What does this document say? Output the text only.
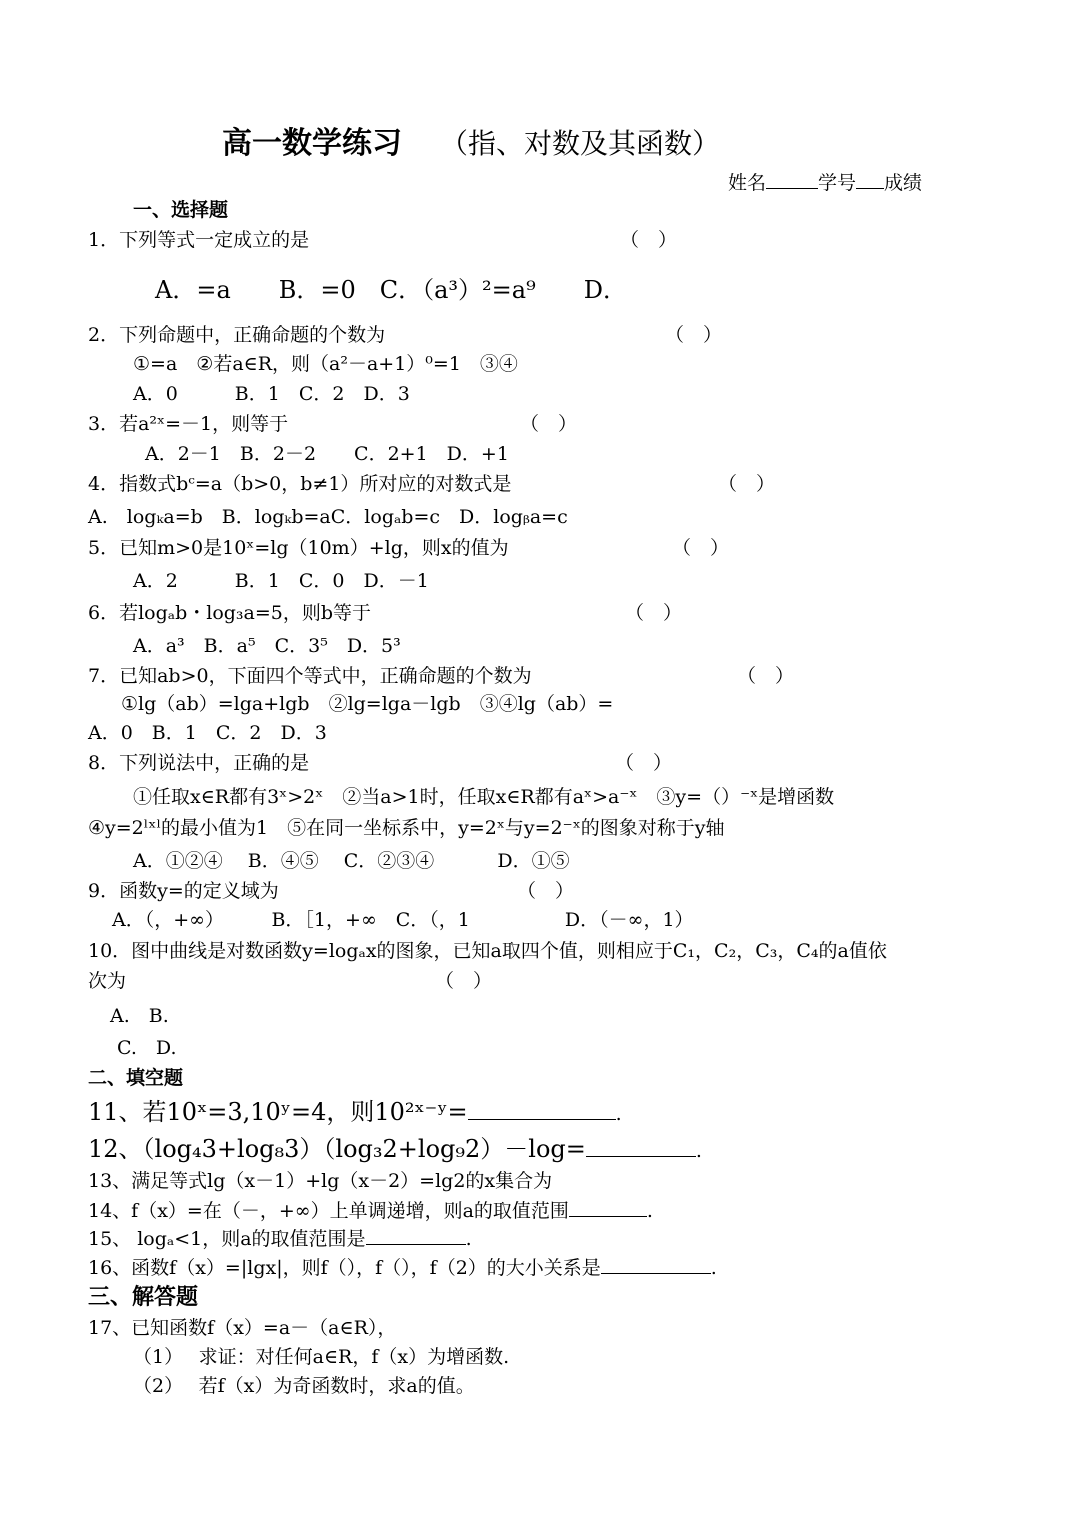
高一数学练习 （指、对数及其函数）
姓名	学号 成绩
一、选择题
1．下列等式一定成立的是	（　）
A．=a　　B．=0　C．（a³）²=a⁹　　D．
2．下列命题中，正确命题的个数为	（　）
①=a　②若a∈R，则（a²－a+1）⁰=1　③④
A．0　　　B．1　C．2　D．3
3．若a²ˣ=－1，则等于	（　）
A．2－1　B．2－2　　C．2+1　D．+1
4．指数式bᶜ=a（b>0，b≠1）所对应的对数式是	（　）
A.　logₖa=b　B．logₖb=aC．logₐb=c　D．logᵦa=c
5．已知m>0是10ˣ=lg（10m）+lg，则x的值为	（　）
A．2　　　B．1　C．0　D．－1
6．若logₐb・log₃a=5，则b等于	（　）
A．a³　B．a⁵　C．3⁵　D．5³
7．已知ab>0，下面四个等式中，正确命题的个数为	（　）
①lg（ab）=lga+lgb　②lg=lga－lgb　③④lg（ab）=
A．0　B．1　C．2　D．3
8．下列说法中，正确的是	（　）
①任取x∈R都有3ˣ>2ˣ　②当a>1时，任取x∈R都有aˣ>a⁻ˣ　③y=（）⁻ˣ是增函数
④y=2ˡˣˡ的最小值为1　⑤在同一坐标系中，y=2ˣ与y=2⁻ˣ的图象对称于y轴
A．①②④　 B．④⑤　 C．②③④　　　 D．①⑤
9．函数y=的定义域为	（　）
A．（，+∞）　　　B．［1，+∞　C．（，1　　　　　D．（－∞，1）
10．图中曲线是对数函数y=logₐx的图象，已知a取四个值，则相应于C₁，C₂，C₃，C₄的a值依
次为	（　）
A.　B.
C.　D.
二、填空题
11、若10ˣ=3,10ʸ=4，则10²ˣ⁻ʸ=	.
12、（log₄3+log₈3）（log₃2+log₉2）－log=	.
13、满足等式lg（x－1）+lg（x－2）=lg2的x集合为
14、f（x）=在（－，+∞）上单调递增，则a的取值范围	.
15、 logₐ<1，则a的取值范围是	.
16、函数f（x）=|lgx|，则f（），f（），f（2）的大小关系是	.
三、解答题
17、已知函数f（x）=a－（a∈R），
（1）　 求证：对任何a∈R，f（x）为增函数.
（2）　 若f（x）为奇函数时，求a的值。
